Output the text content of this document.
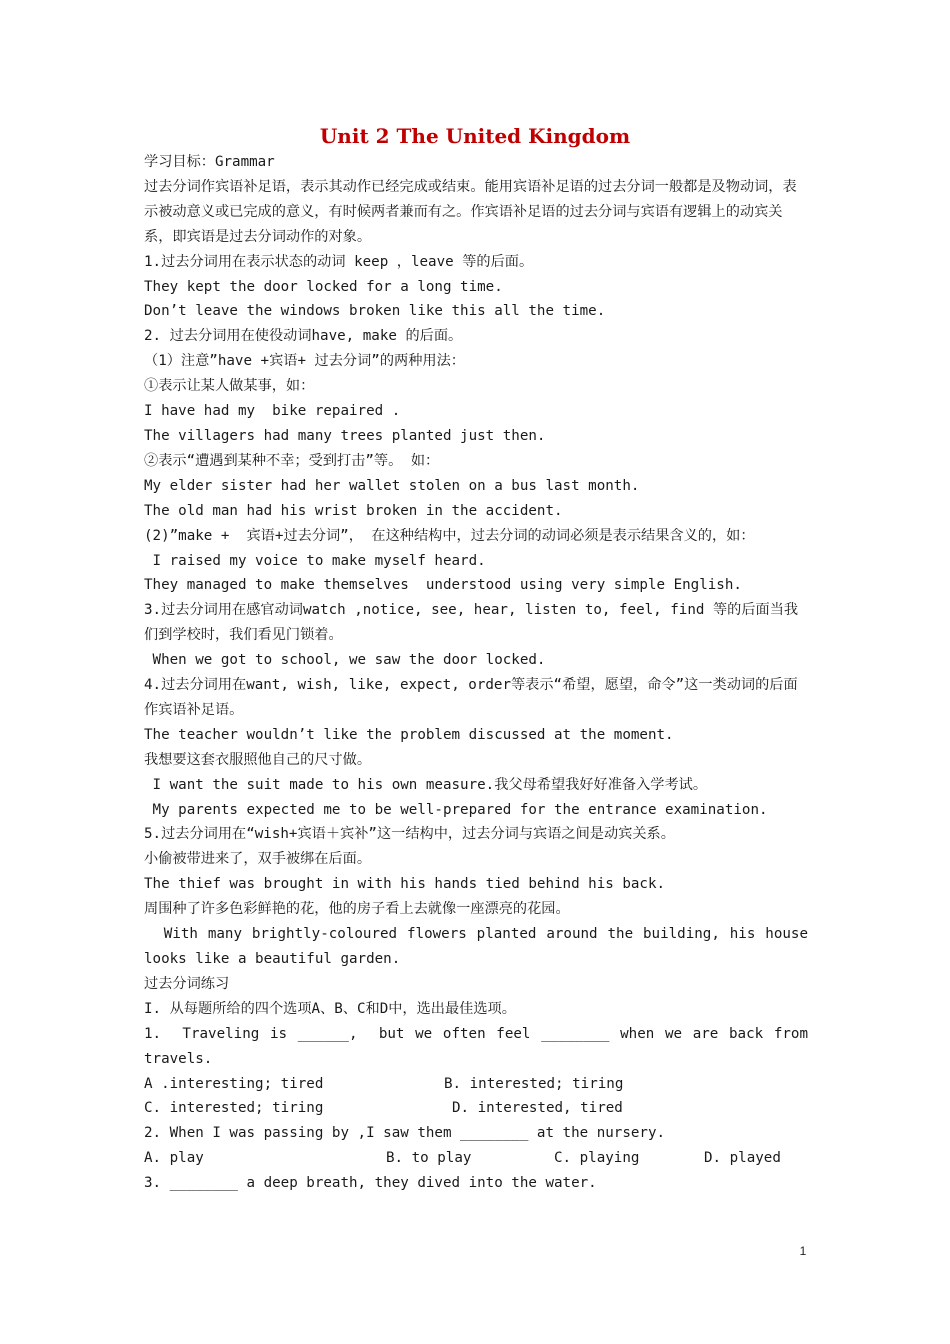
Unit 2 The United Kingdom
学习目标：Grammar
过去分词作宾语补足语，表示其动作已经完成或结束。能用宾语补足语的过去分词一般都是及物动词，表示被动意义或已完成的意义，有时候两者兼而有之。作宾语补足语的过去分词与宾语有逻辑上的动宾关系，即宾语是过去分词动作的对象。
1.过去分词用在表示状态的动词 keep ，leave 等的后面。
They kept the door locked for a long time.
Don’t leave the windows broken like this all the time.
2. 过去分词用在使役动词have, make 的后面。
（1）注意”have +宾语+ 过去分词”的两种用法：
①表示让某人做某事，如：
I have had my  bike repaired .
The villagers had many trees planted just then.
②表示“遭遇到某种不幸；受到打击”等。 如：
My elder sister had her wallet stolen on a bus last month.
The old man had his wrist broken in the accident.
(2)”make +  宾语+过去分词”， 在这种结构中，过去分词的动词必须是表示结果含义的，如：
I raised my voice to make myself heard.
They managed to make themselves  understood using very simple English.
3.过去分词用在感官动词watch ,notice, see, hear, listen to, feel, find 等的后面当我们到学校时，我们看见门锁着。
When we got to school, we saw the door locked.
4.过去分词用在want, wish, like, expect, order等表示“希望，愿望，命令”这一类动词的后面作宾语补足语。
The teacher wouldn’t like the problem discussed at the moment.
我想要这套衣服照他自己的尺寸做。
I want the suit made to his own measure.我父母希望我好好准备入学考试。
My parents expected me to be well-prepared for the entrance examination.
5.过去分词用在“wish+宾语＋宾补”这一结构中，过去分词与宾语之间是动宾关系。
小偷被带进来了，双手被绑在后面。
The thief was brought in with his hands tied behind his back.
周围种了许多色彩鲜艳的花，他的房子看上去就像一座漂亮的花园。
With many brightly-coloured flowers planted around the building, his house looks like a beautiful garden.
过去分词练习
I. 从每题所给的四个选项A、B、C和D中，选出最佳选项。
1.  Traveling is ______,  but we often feel ________ when we are back from travels.
A .interesting; tired	B. interested; tiring
C. interested; tiring	D. interested, tired
2. When I was passing by ,I saw them ________ at the nursery.
A. play	B. to play	C. playing	D. played
3. ________ a deep breath, they dived into the water.
1
